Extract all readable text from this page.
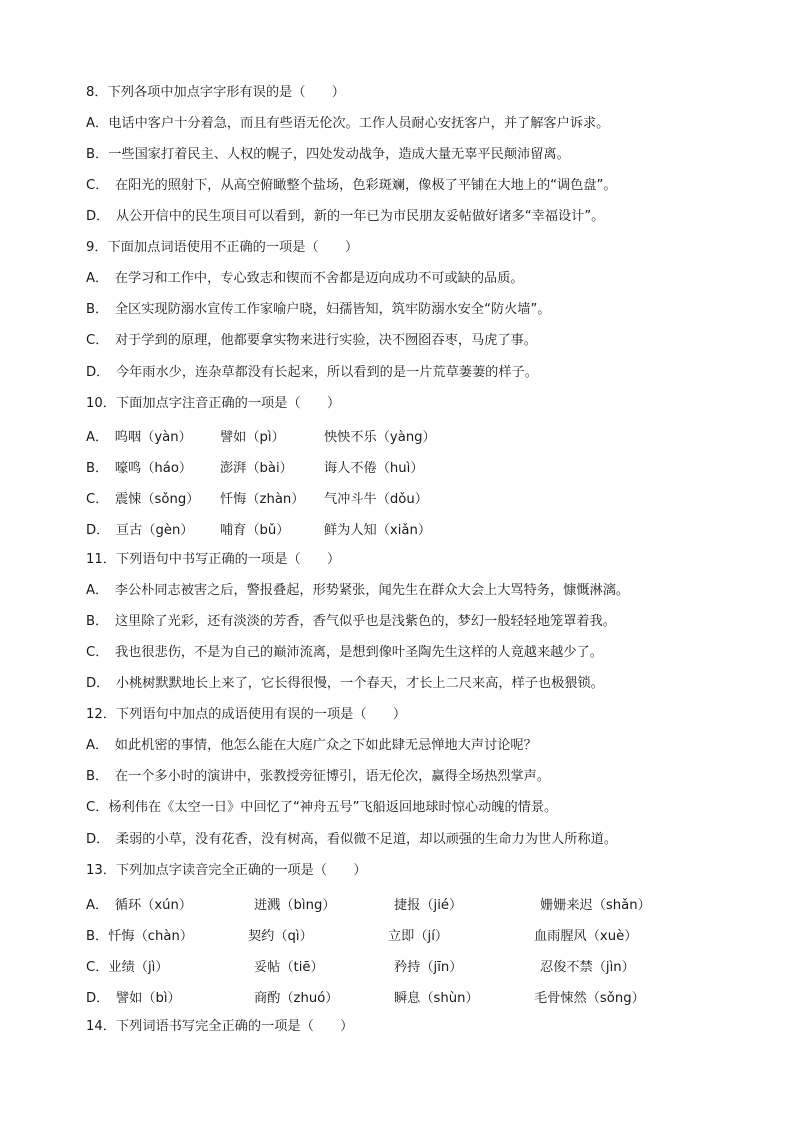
8．下列各项中加点字字形有误的是（　　）
A．电话中客户十分着急，而且有些语无伦次。工作人员耐心安抚客户，并了解客户诉求。
B．一些国家打着民主、人权的幌子，四处发动战争，造成大量无辜平民颠沛留离。
C．　在阳光的照射下，从高空俯瞰整个盐场，色彩斑斓，像极了平铺在大地上的“调色盘”。
D．　从公开信中的民生项目可以看到，新的一年已为市民朋友妥帖做好诸多“幸福设计”。
9．下面加点词语使用不正确的一项是（　　）
A．　在学习和工作中，专心致志和锲而不舍都是迈向成功不可或缺的品质。
B．　全区实现防溺水宣传工作家喻户晓，妇孺皆知，筑牢防溺水安全“防火墙”。
C．　对于学到的原理，他都要拿实物来进行实验，决不囫囵吞枣，马虎了事。
D．　今年雨水少，连杂草都没有长起来，所以看到的是一片荒草萋萋的样子。
10．下面加点字注音正确的一项是（　　）
A．　呜咽（yàn） 譬如（pì）	怏怏不乐（yàng）
B．　嚎鸣（háo） 澎湃（bài） 诲人不倦（huì）
C．　震悚（sǒng） 忏悔（zhàn） 气冲斗牛（dǒu）
D．　亘古（gèn） 哺育（bǔ）	鲜为人知（xiǎn）
11．下列语句中书写正确的一项是（　　）
A．　李公朴同志被害之后，警报叠起，形势紧张，闻先生在群众大会上大骂特务，慷慨淋漓。
B．　这里除了光彩，还有淡淡的芳香，香气似乎也是浅紫色的，梦幻一般轻轻地笼罩着我。
C．　我也很悲伤，不是为自己的巅沛流离，是想到像叶圣陶先生这样的人竟越来越少了。
D．　小桃树默默地长上来了，它长得很慢，一个春天，才长上二尺来高，样子也极猥锁。
12．下列语句中加点的成语使用有误的一项是（　　）
A．　如此机密的事情，他怎么能在大庭广众之下如此肆无忌惮地大声讨论呢？
B．　在一个多小时的演讲中，张教授旁征博引，语无伦次，赢得全场热烈掌声。
C．杨利伟在《太空一日》中回忆了“神舟五号”飞船返回地球时惊心动魄的情景。
D．　柔弱的小草，没有花香，没有树高，看似微不足道，却以顽强的生命力为世人所称道。
13．下列加点字读音完全正确的一项是（　　）
A．　循环（xún）	迸溅（bìng）	捷报（jié）	姗姗来迟（shǎn）
B．忏悔（chàn）	契约（qì）	立即（jí）	血雨腥风（xuè）
C．业绩（jì）	妥帖（tiē）	矜持（jīn）	忍俊不禁（jìn）
D．　譬如（bì）	商酌（zhuó）	瞬息（shùn）	毛骨悚然（sǒng）
14．下列词语书写完全正确的一项是（　　）
